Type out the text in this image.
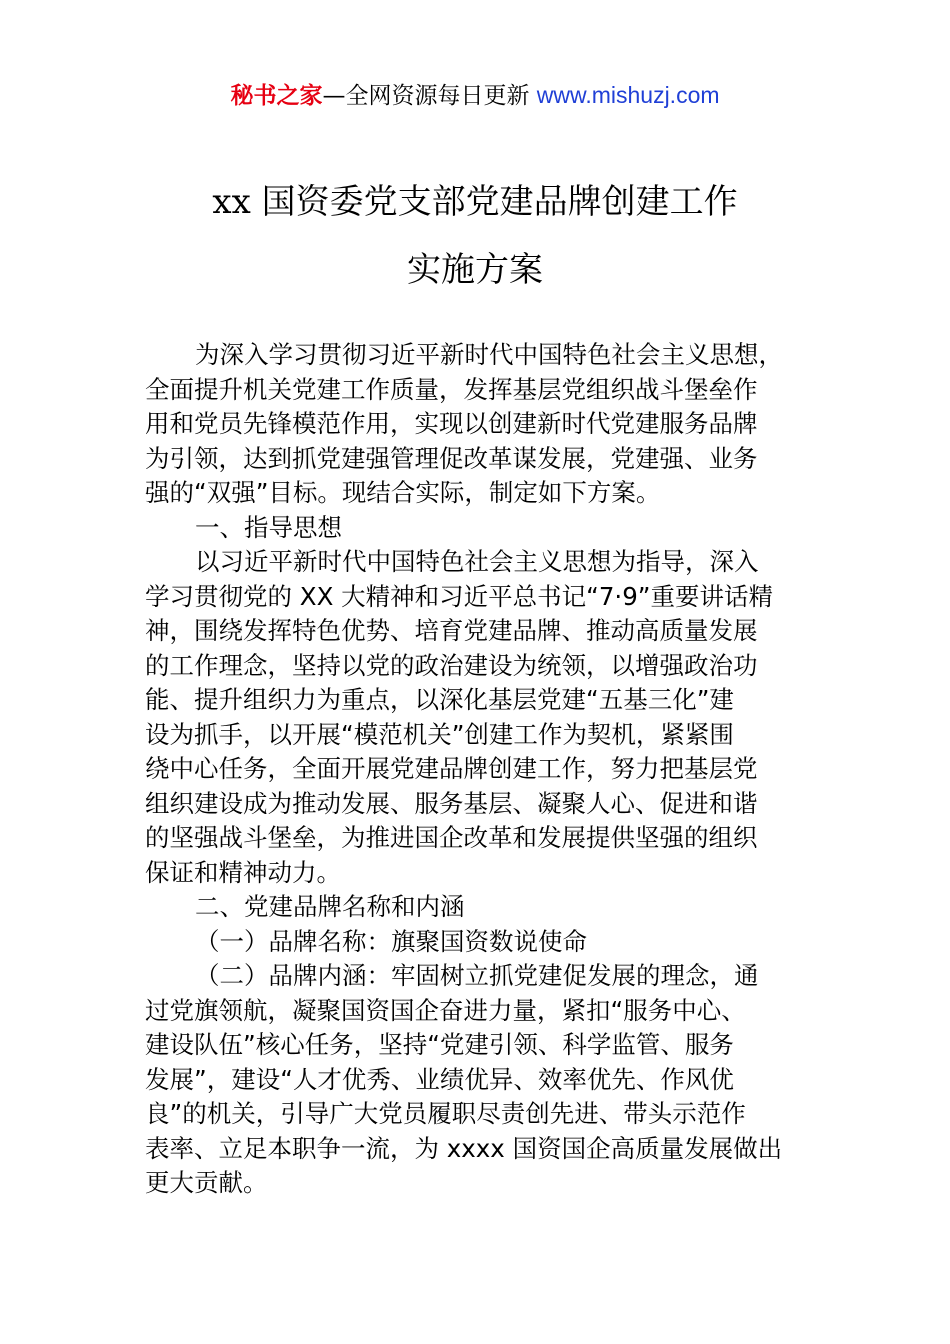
秘书之家—全网资源每日更新 www.mishuzj.com
xx 国资委党支部党建品牌创建工作
实施方案
为深入学习贯彻习近平新时代中国特色社会主义思想，
全面提升机关党建工作质量，发挥基层党组织战斗堡垒作
用和党员先锋模范作用，实现以创建新时代党建服务品牌
为引领，达到抓党建强管理促改革谋发展，党建强、业务
强的“双强”目标。现结合实际，制定如下方案。
一、指导思想
以习近平新时代中国特色社会主义思想为指导，深入
学习贯彻党的 XX 大精神和习近平总书记“7·9”重要讲话精
神，围绕发挥特色优势、培育党建品牌、推动高质量发展
的工作理念，坚持以党的政治建设为统领，以增强政治功
能、提升组织力为重点，以深化基层党建“五基三化”建
设为抓手，以开展“模范机关”创建工作为契机，紧紧围
绕中心任务，全面开展党建品牌创建工作，努力把基层党
组织建设成为推动发展、服务基层、凝聚人心、促进和谐
的坚强战斗堡垒，为推进国企改革和发展提供坚强的组织
保证和精神动力。
二、党建品牌名称和内涵
（一）品牌名称：旗聚国资数说使命
（二）品牌内涵：牢固树立抓党建促发展的理念，通
过党旗领航，凝聚国资国企奋进力量，紧扣“服务中心、
建设队伍”核心任务，坚持“党建引领、科学监管、服务
发展”，建设“人才优秀、业绩优异、效率优先、作风优
良”的机关，引导广大党员履职尽责创先进、带头示范作
表率、立足本职争一流，为 xxxx 国资国企高质量发展做出
更大贡献。
